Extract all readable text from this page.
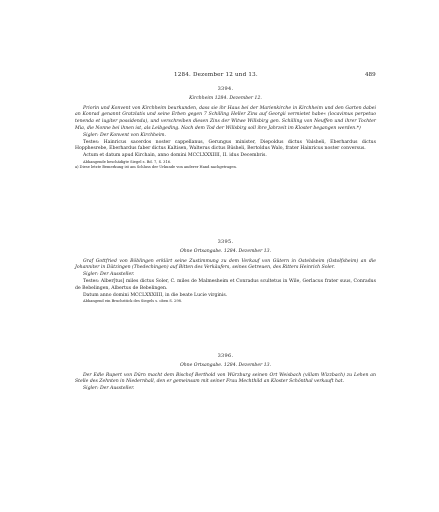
1284. Dezember 12 und 13.	489
3394.
Kirchheim 1284. Dezember 12.

Priorin und Konvent von Kirchheim beurkunden, dass sie ihr Haus bei der Marienkirche in Kirchheim und den Garten dabei an Konrad genannt Gratzlatis und seine Erben gegen 7 Schilling Heller Zins auf Georgii vermietet habe« (locavimus perpetuo tenenda et iugiter possidenda), und verschreiben diesen Zins der Witwe Willsbirg gen. Schilling von Neuffen und ihrer Tochter Mia, die Nonne bei ihnen ist, als Leibgeding. Nach dem Tod der Willsbirg soll ihre Jahrzeit im Kloster begangen werden.*)

Sigler: Der Konvent von Kirchheim.

Testes: Hainricus sacerdos noster cappellanus, Gerungus minister, Diepoldus dictus Valsheli, Eberhardus dictus Hopphesrebe, Eberhardus faber dictus Kaltisen, Walterus dictus Büsheli, Bertoldus Walo, frater Hainricus noster conversus.

Actum et datum apud Kirchain, anno domini MCCLXXXIIII, II. idus Decembris.

Abhangende beschädigte Siegel s. Bd. 7, S. 316.

a) Diese letzte Bemerkung ist am Schluss der Urkunde von anderer Hand nachgetragen.

3395.
Ohne Ortsangabe. 1284. Dezember 13.

Graf Gottfried von Böblingen erklärt seine Zustimmung zu dem Verkauf von Gütern in Ostelsheim (Ostolfsheim) an die Johanniter in Dätzingen (Thedechingen) auf Bitten des Verkäufers, seines Getreuen, des Ritters Heinrich Soler.

Sigler: Der Aussteller.

Testes: Alber[tus] miles dictus Soler, C. miles de Malmesheim et Conradus scultetus in Wile, Gerlacus frater suus, Conradus de Bebelingen, Albertus de Bebelingen.

Datum anno domini MCCLXXXIIII, in die beate Lucie virginis.

Abhangend ein Bruchstück des Siegels s. oben S. 298.

3396.
Ohne Ortsangabe. 1284. Dezember 13.

Der Edle Rupert von Dürn macht dem Bischof Berthold von Würzburg seinen Ort Weisbach (villam Wizzbach) zu Lehen an Stelle des Zehnten in Niedernhall, den er gemeinsam mit seiner Frau Mechthild an Kloster Schönthal verkauft hat.

Sigler: Der Aussteller.
